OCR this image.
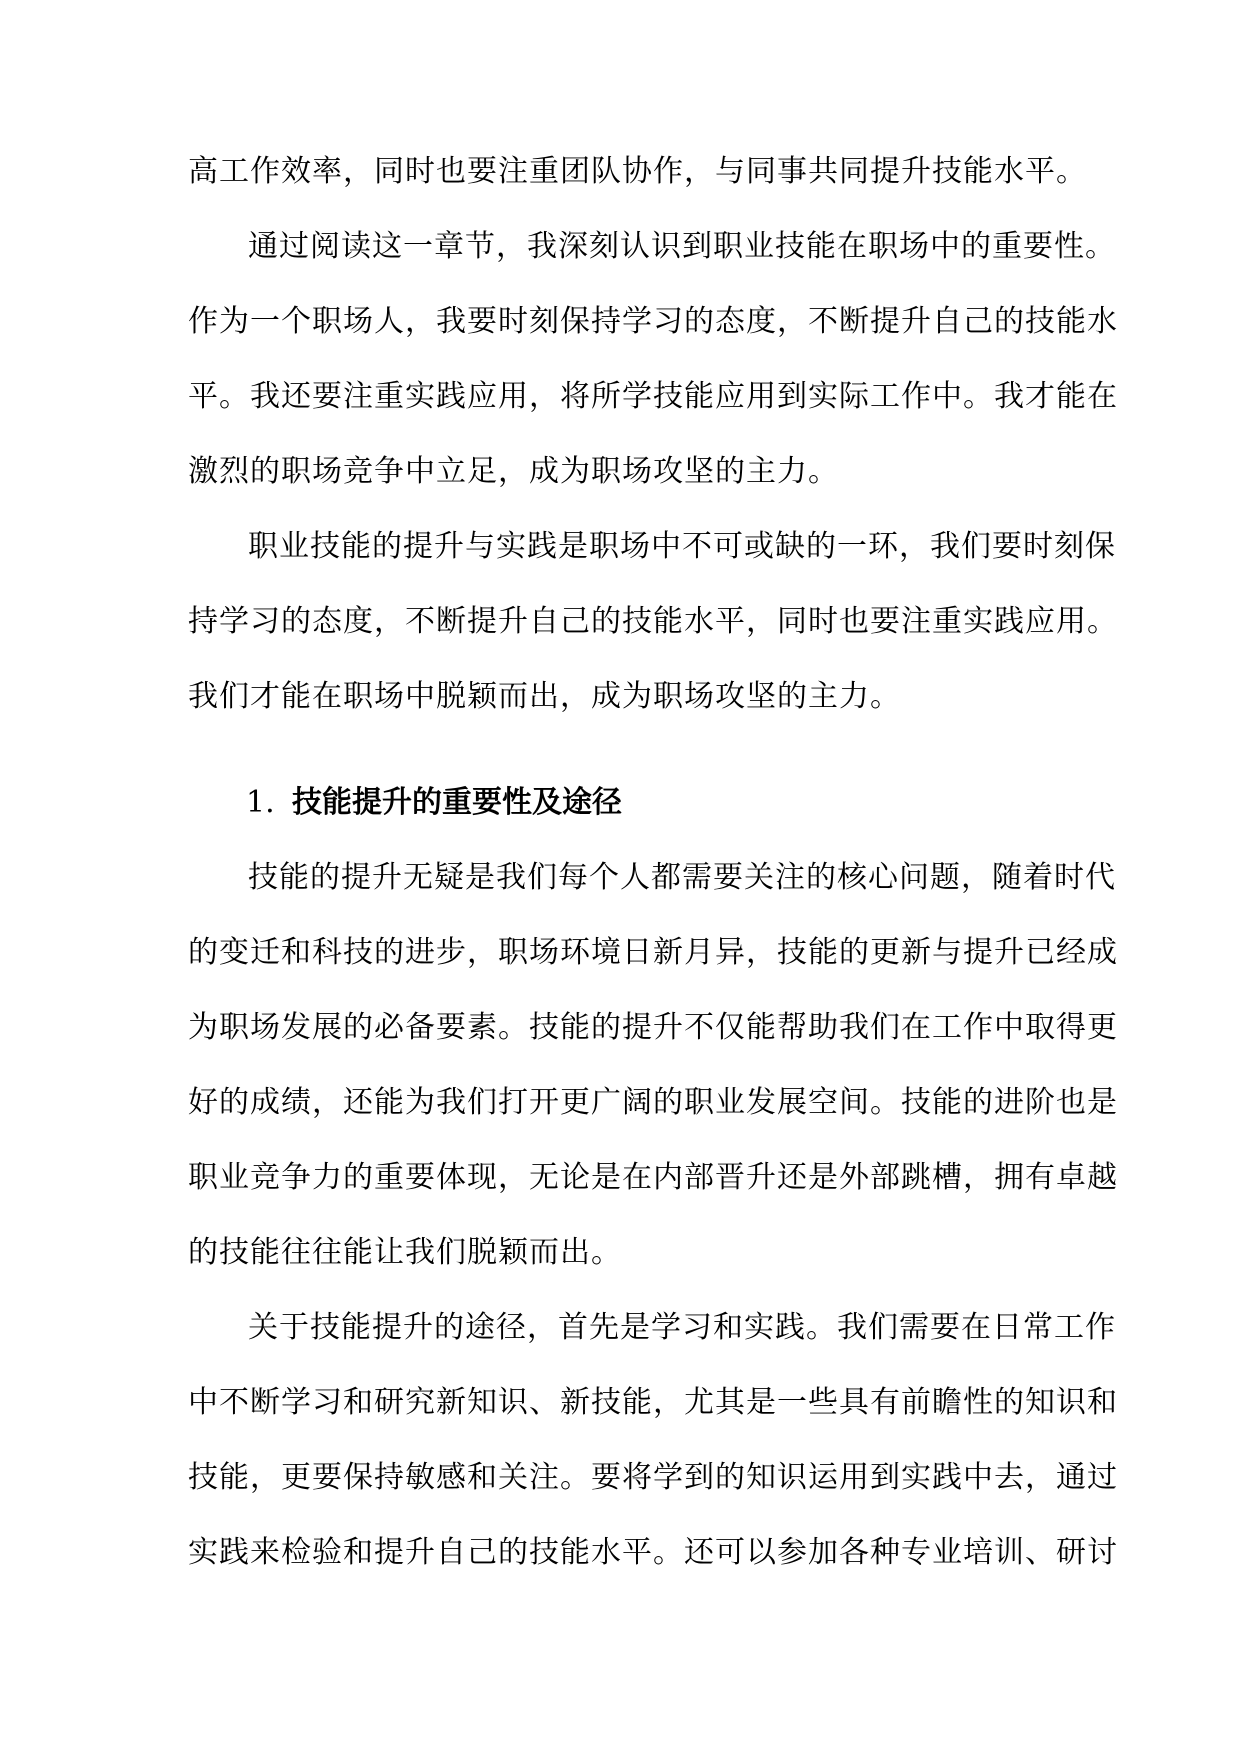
高工作效率，同时也要注重团队协作，与同事共同提升技能水平。
通过阅读这一章节，我深刻认识到职业技能在职场中的重要性。
作为一个职场人，我要时刻保持学习的态度，不断提升自己的技能水
平。我还要注重实践应用，将所学技能应用到实际工作中。我才能在
激烈的职场竞争中立足，成为职场攻坚的主力。
职业技能的提升与实践是职场中不可或缺的一环，我们要时刻保
持学习的态度，不断提升自己的技能水平，同时也要注重实践应用。
我们才能在职场中脱颖而出，成为职场攻坚的主力。
1. 技能提升的重要性及途径
技能的提升无疑是我们每个人都需要关注的核心问题，随着时代
的变迁和科技的进步，职场环境日新月异，技能的更新与提升已经成
为职场发展的必备要素。技能的提升不仅能帮助我们在工作中取得更
好的成绩，还能为我们打开更广阔的职业发展空间。技能的进阶也是
职业竞争力的重要体现，无论是在内部晋升还是外部跳槽，拥有卓越
的技能往往能让我们脱颖而出。
关于技能提升的途径，首先是学习和实践。我们需要在日常工作
中不断学习和研究新知识、新技能，尤其是一些具有前瞻性的知识和
技能，更要保持敏感和关注。要将学到的知识运用到实践中去，通过
实践来检验和提升自己的技能水平。还可以参加各种专业培训、研讨
